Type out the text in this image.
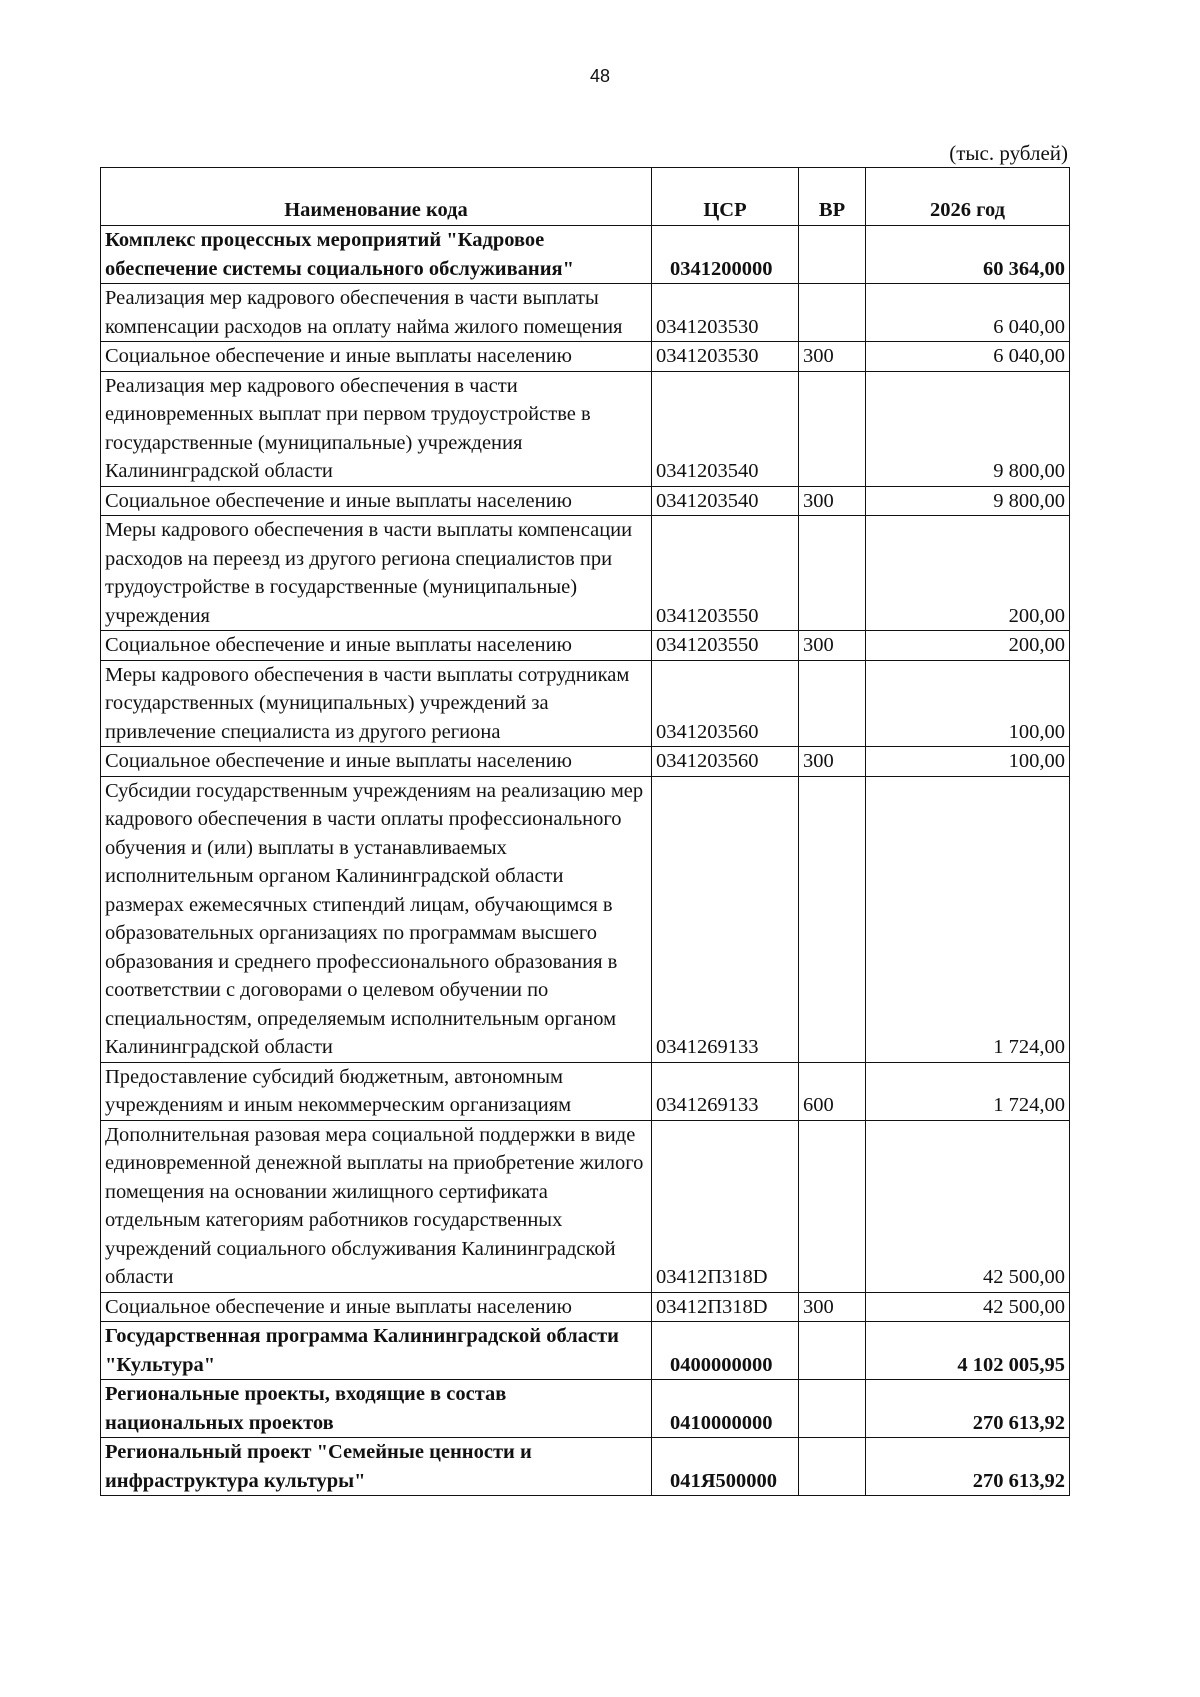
48
(тыс. рублей)
Наименование кода	ЦСР	ВР	2026 год
Комплекс процессных мероприятий "Кадровое обеспечение системы социального обслуживания"	0341200000		60 364,00
Реализация мер кадрового обеспечения в части выплаты компенсации расходов на оплату найма жилого помещения	0341203530		6 040,00
Социальное обеспечение и иные выплаты населению	0341203530	300	6 040,00
Реализация мер кадрового обеспечения в части единовременных выплат при первом трудоустройстве в государственные (муниципальные) учреждения Калининградской области	0341203540		9 800,00
Социальное обеспечение и иные выплаты населению	0341203540	300	9 800,00
Меры кадрового обеспечения в части выплаты компенсации расходов на переезд из другого региона специалистов при трудоустройстве в государственные (муниципальные) учреждения	0341203550		200,00
Социальное обеспечение и иные выплаты населению	0341203550	300	200,00
Меры кадрового обеспечения в части выплаты сотрудникам государственных (муниципальных) учреждений за привлечение специалиста из другого региона	0341203560		100,00
Социальное обеспечение и иные выплаты населению	0341203560	300	100,00
Субсидии государственным учреждениям на реализацию мер кадрового обеспечения в части оплаты профессионального обучения и (или) выплаты в устанавливаемых исполнительным органом Калининградской области размерах ежемесячных стипендий лицам, обучающимся в образовательных организациях по программам высшего образования и среднего профессионального образования в соответствии с договорами о целевом обучении по специальностям, определяемым исполнительным органом Калининградской области	0341269133		1 724,00
Предоставление субсидий бюджетным, автономным учреждениям и иным некоммерческим организациям	0341269133	600	1 724,00
Дополнительная разовая мера социальной поддержки в виде единовременной денежной выплаты на приобретение жилого помещения на основании жилищного сертификата отдельным категориям работников государственных учреждений социального обслуживания Калининградской области	03412П318D		42 500,00
Социальное обеспечение и иные выплаты населению	03412П318D	300	42 500,00
Государственная программа Калининградской области "Культура"	0400000000		4 102 005,95
Региональные проекты, входящие в состав национальных проектов	0410000000		270 613,92
Региональный проект "Семейные ценности и инфраструктура культуры"	041Я500000		270 613,92
